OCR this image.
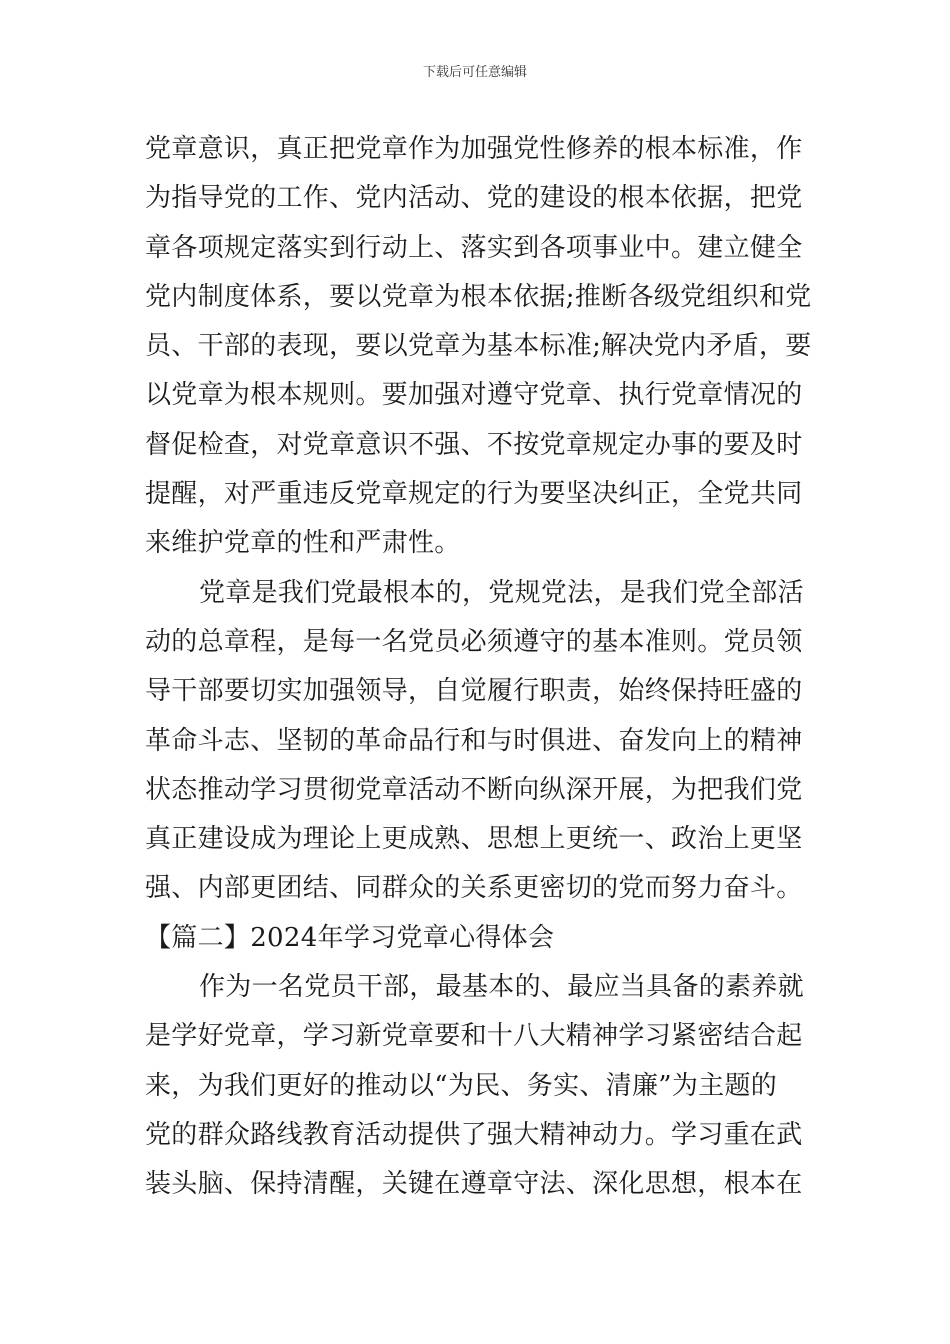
下载后可任意编辑
党章意识，真正把党章作为加强党性修养的根本标准，作
为指导党的工作、党内活动、党的建设的根本依据，把党
章各项规定落实到行动上、落实到各项事业中。建立健全
党内制度体系，要以党章为根本依据;推断各级党组织和党
员、干部的表现，要以党章为基本标准;解决党内矛盾，要
以党章为根本规则。要加强对遵守党章、执行党章情况的
督促检查，对党章意识不强、不按党章规定办事的要及时
提醒，对严重违反党章规定的行为要坚决纠正，全党共同
来维护党章的性和严肃性。
党章是我们党最根本的，党规党法，是我们党全部活
动的总章程，是每一名党员必须遵守的基本准则。党员领
导干部要切实加强领导，自觉履行职责，始终保持旺盛的
革命斗志、坚韧的革命品行和与时俱进、奋发向上的精神
状态推动学习贯彻党章活动不断向纵深开展，为把我们党
真正建设成为理论上更成熟、思想上更统一、政治上更坚
强、内部更团结、同群众的关系更密切的党而努力奋斗。
【篇二】2024年学习党章心得体会
作为一名党员干部，最基本的、最应当具备的素养就
是学好党章，学习新党章要和十八大精神学习紧密结合起
来，为我们更好的推动以“为民、务实、清廉”为主题的
党的群众路线教育活动提供了强大精神动力。学习重在武
装头脑、保持清醒，关键在遵章守法、深化思想，根本在
